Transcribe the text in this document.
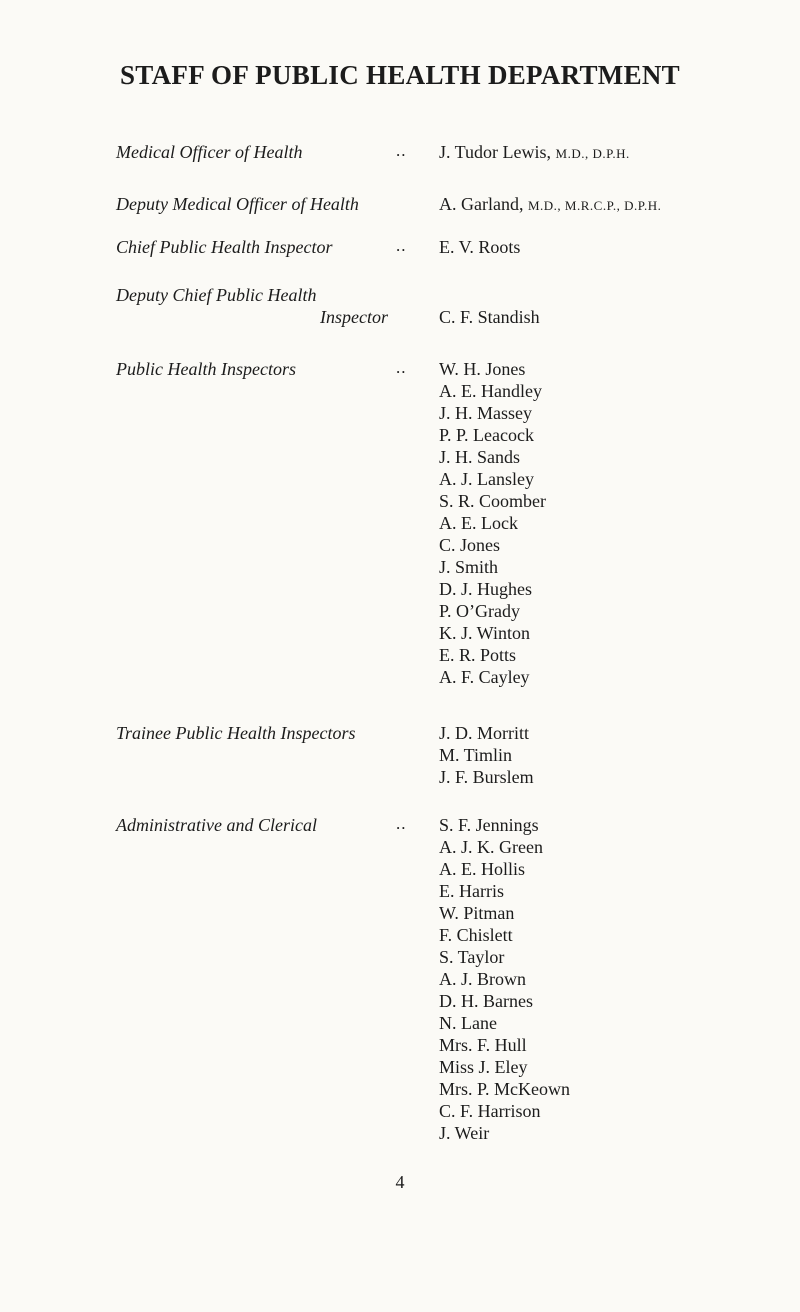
STAFF OF PUBLIC HEALTH DEPARTMENT
Medical Officer of Health	.. J. Tudor Lewis, M.D., D.P.H.
Deputy Medical Officer of Health	A. Garland, M.D., M.R.C.P., D.P.H.
Chief Public Health Inspector	.. E. V. Roots
Deputy Chief Public Health
Inspector	C. F. Standish
Public Health Inspectors	.. W. H. Jones
A. E. Handley
J. H. Massey
P. P. Leacock
J. H. Sands
A. J. Lansley
S. R. Coomber
A. E. Lock
C. Jones
J. Smith
D. J. Hughes
P. O’Grady
K. J. Winton
E. R. Potts
A. F. Cayley
Trainee Public Health Inspectors	J. D. Morritt
M. Timlin
J. F. Burslem
Administrative and Clerical	.. S. F. Jennings
A. J. K. Green
A. E. Hollis
E. Harris
W. Pitman
F. Chislett
S. Taylor
A. J. Brown
D. H. Barnes
N. Lane
Mrs. F. Hull
Miss J. Eley
Mrs. P. McKeown
C. F. Harrison
J. Weir
4
